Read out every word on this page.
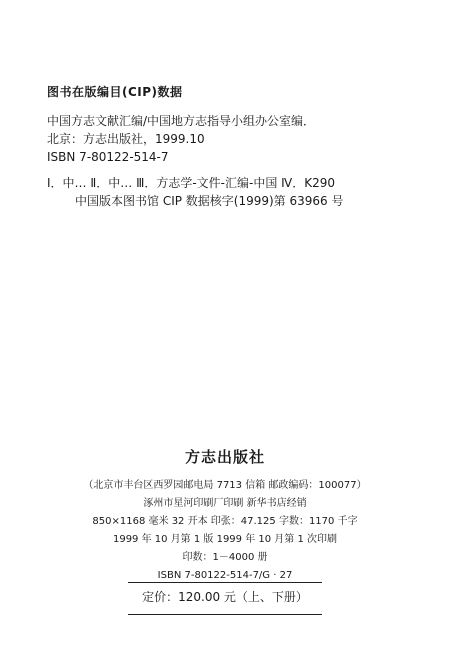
图书在版编目(CIP)数据
中国方志文献汇编/中国地方志指导小组办公室编．
北京：方志出版社，1999.10
ISBN 7-80122-514-7
Ⅰ．中… Ⅱ．中… Ⅲ．方志学-文件-汇编-中国 Ⅳ．K290
中国版本图书馆 CIP 数据核字(1999)第 63966 号
方志出版社
（北京市丰台区西罗园邮电局 7713 信箱 邮政编码：100077）
涿州市星河印刷厂印刷 新华书店经销
850×1168 毫米 32 开本 印张：47.125 字数：1170 千字
1999 年 10 月第 1 版 1999 年 10 月第 1 次印刷
印数：1－4000 册
ISBN 7-80122-514-7/G · 27
定价：120.00 元（上、下册）
